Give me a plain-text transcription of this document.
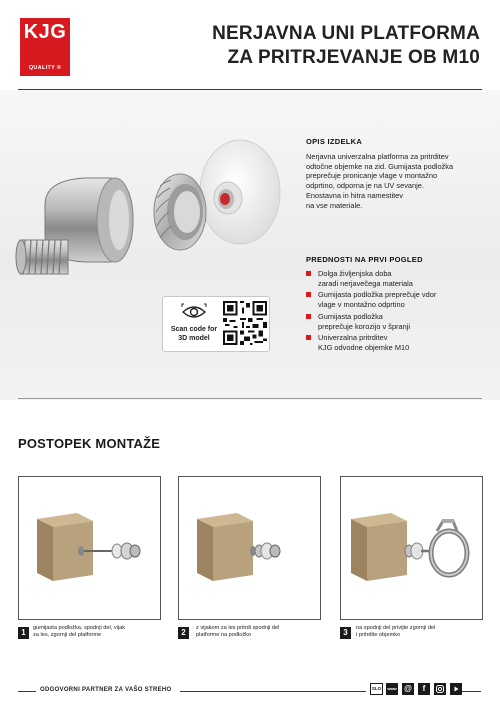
KJG
QUALITY ®
NERJAVNA UNI PLATFORMA
ZA PRITRJEVANJE OB M10
Scan code for
3D model
OPIS IZDELKA
Nerjavna univerzalna platforma za pritrditev
odtočne objemke na zid. Gumijasta podložka
preprečuje pronicanje vlage v montažno
odprtino, odporna je na UV sevanje.
Enostavna in hitra namestitev
na vse materiale.
PREDNOSTI NA PRVI POGLED
Dolga življenjska doba
zaradi nerjavečega materiala
Gumijasta podložka preprečuje vdor
vlage v montažno odprtino
Gumijasta podložka
preprečuje korozijo v špranji
Univerzalna pritrditev
KJG odvodne objemke M10
POSTOPEK MONTAŽE
1	gumijasta podložka, spodnji del, vijak
za les, zgornji del platforme	2	z vijakom za les pritrdi spodnji del
platforme na podložko	3	na spodnji del privijte zgornji del
i pritrdite objemko
ODGOVORNI PARTNER ZA VAŠO STREHO	SLO	www @	f
